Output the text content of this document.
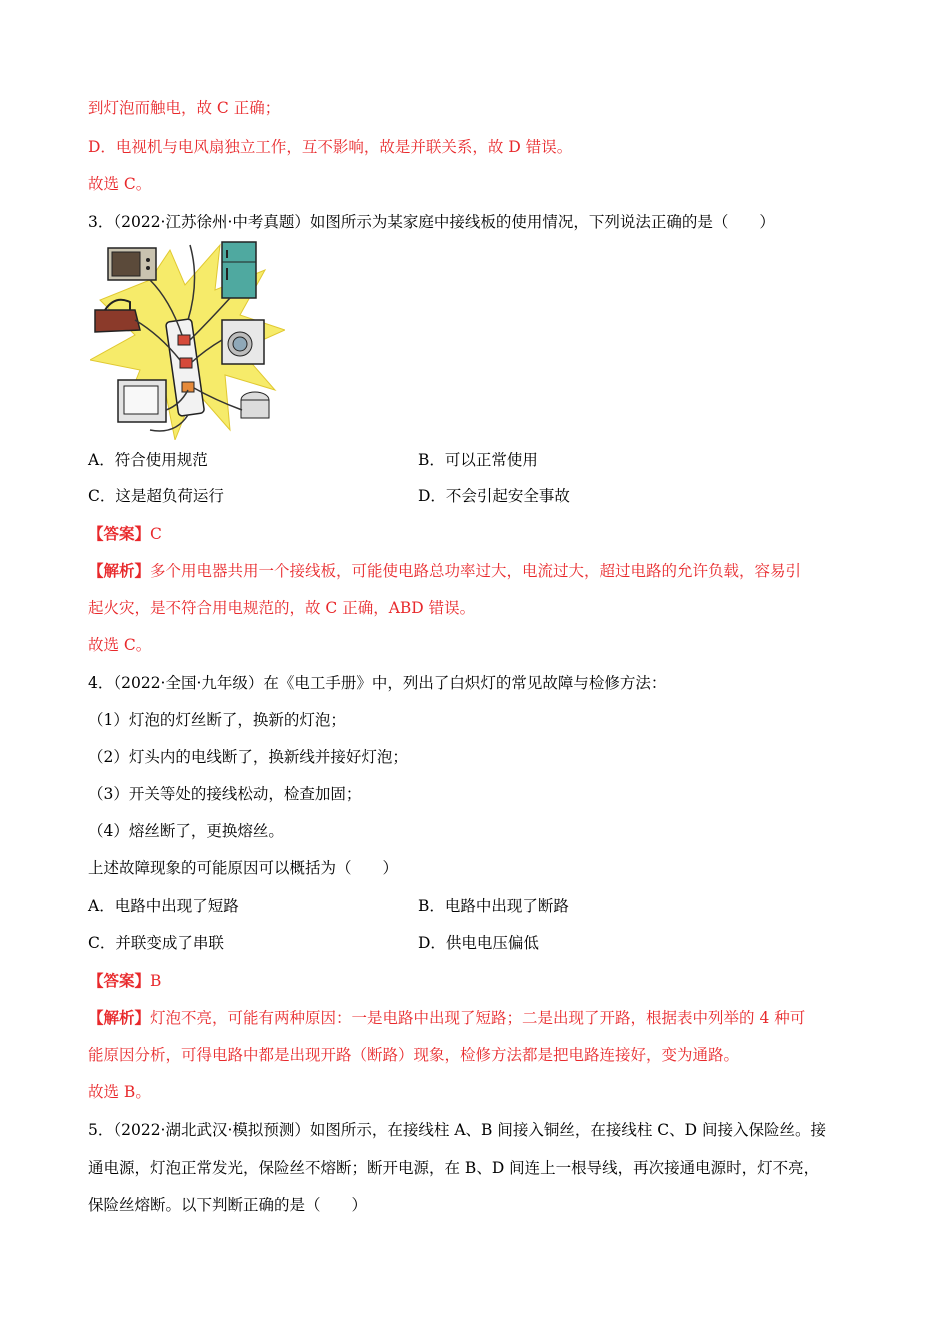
到灯泡而触电，故 C 正确；
D．电视机与电风扇独立工作，互不影响，故是并联关系，故 D 错误。
故选 C。
3．（2022·江苏徐州·中考真题）如图所示为某家庭中接线板的使用情况，下列说法正确的是（　　）
A．符合使用规范	B．可以正常使用
C．这是超负荷运行	D．不会引起安全事故
【答案】C
【解析】多个用电器共用一个接线板，可能使电路总功率过大，电流过大，超过电路的允许负载，容易引
起火灾，是不符合用电规范的，故 C 正确，ABD 错误。
故选 C。
4．（2022·全国·九年级）在《电工手册》中，列出了白炽灯的常见故障与检修方法：
（1）灯泡的灯丝断了，换新的灯泡；
（2）灯头内的电线断了，换新线并接好灯泡；
（3）开关等处的接线松动，检查加固；
（4）熔丝断了，更换熔丝。
上述故障现象的可能原因可以概括为（　　）
A．电路中出现了短路	B．电路中出现了断路
C．并联变成了串联	D．供电电压偏低
【答案】B
【解析】灯泡不亮，可能有两种原因：一是电路中出现了短路；二是出现了开路，根据表中列举的 4 种可
能原因分析，可得电路中都是出现开路（断路）现象，检修方法都是把电路连接好，变为通路。
故选 B。
5．（2022·湖北武汉·模拟预测）如图所示，在接线柱 A、B 间接入铜丝，在接线柱 C、D 间接入保险丝。接
通电源，灯泡正常发光，保险丝不熔断；断开电源，在 B、D 间连上一根导线，再次接通电源时，灯不亮，
保险丝熔断。以下判断正确的是（　　）
